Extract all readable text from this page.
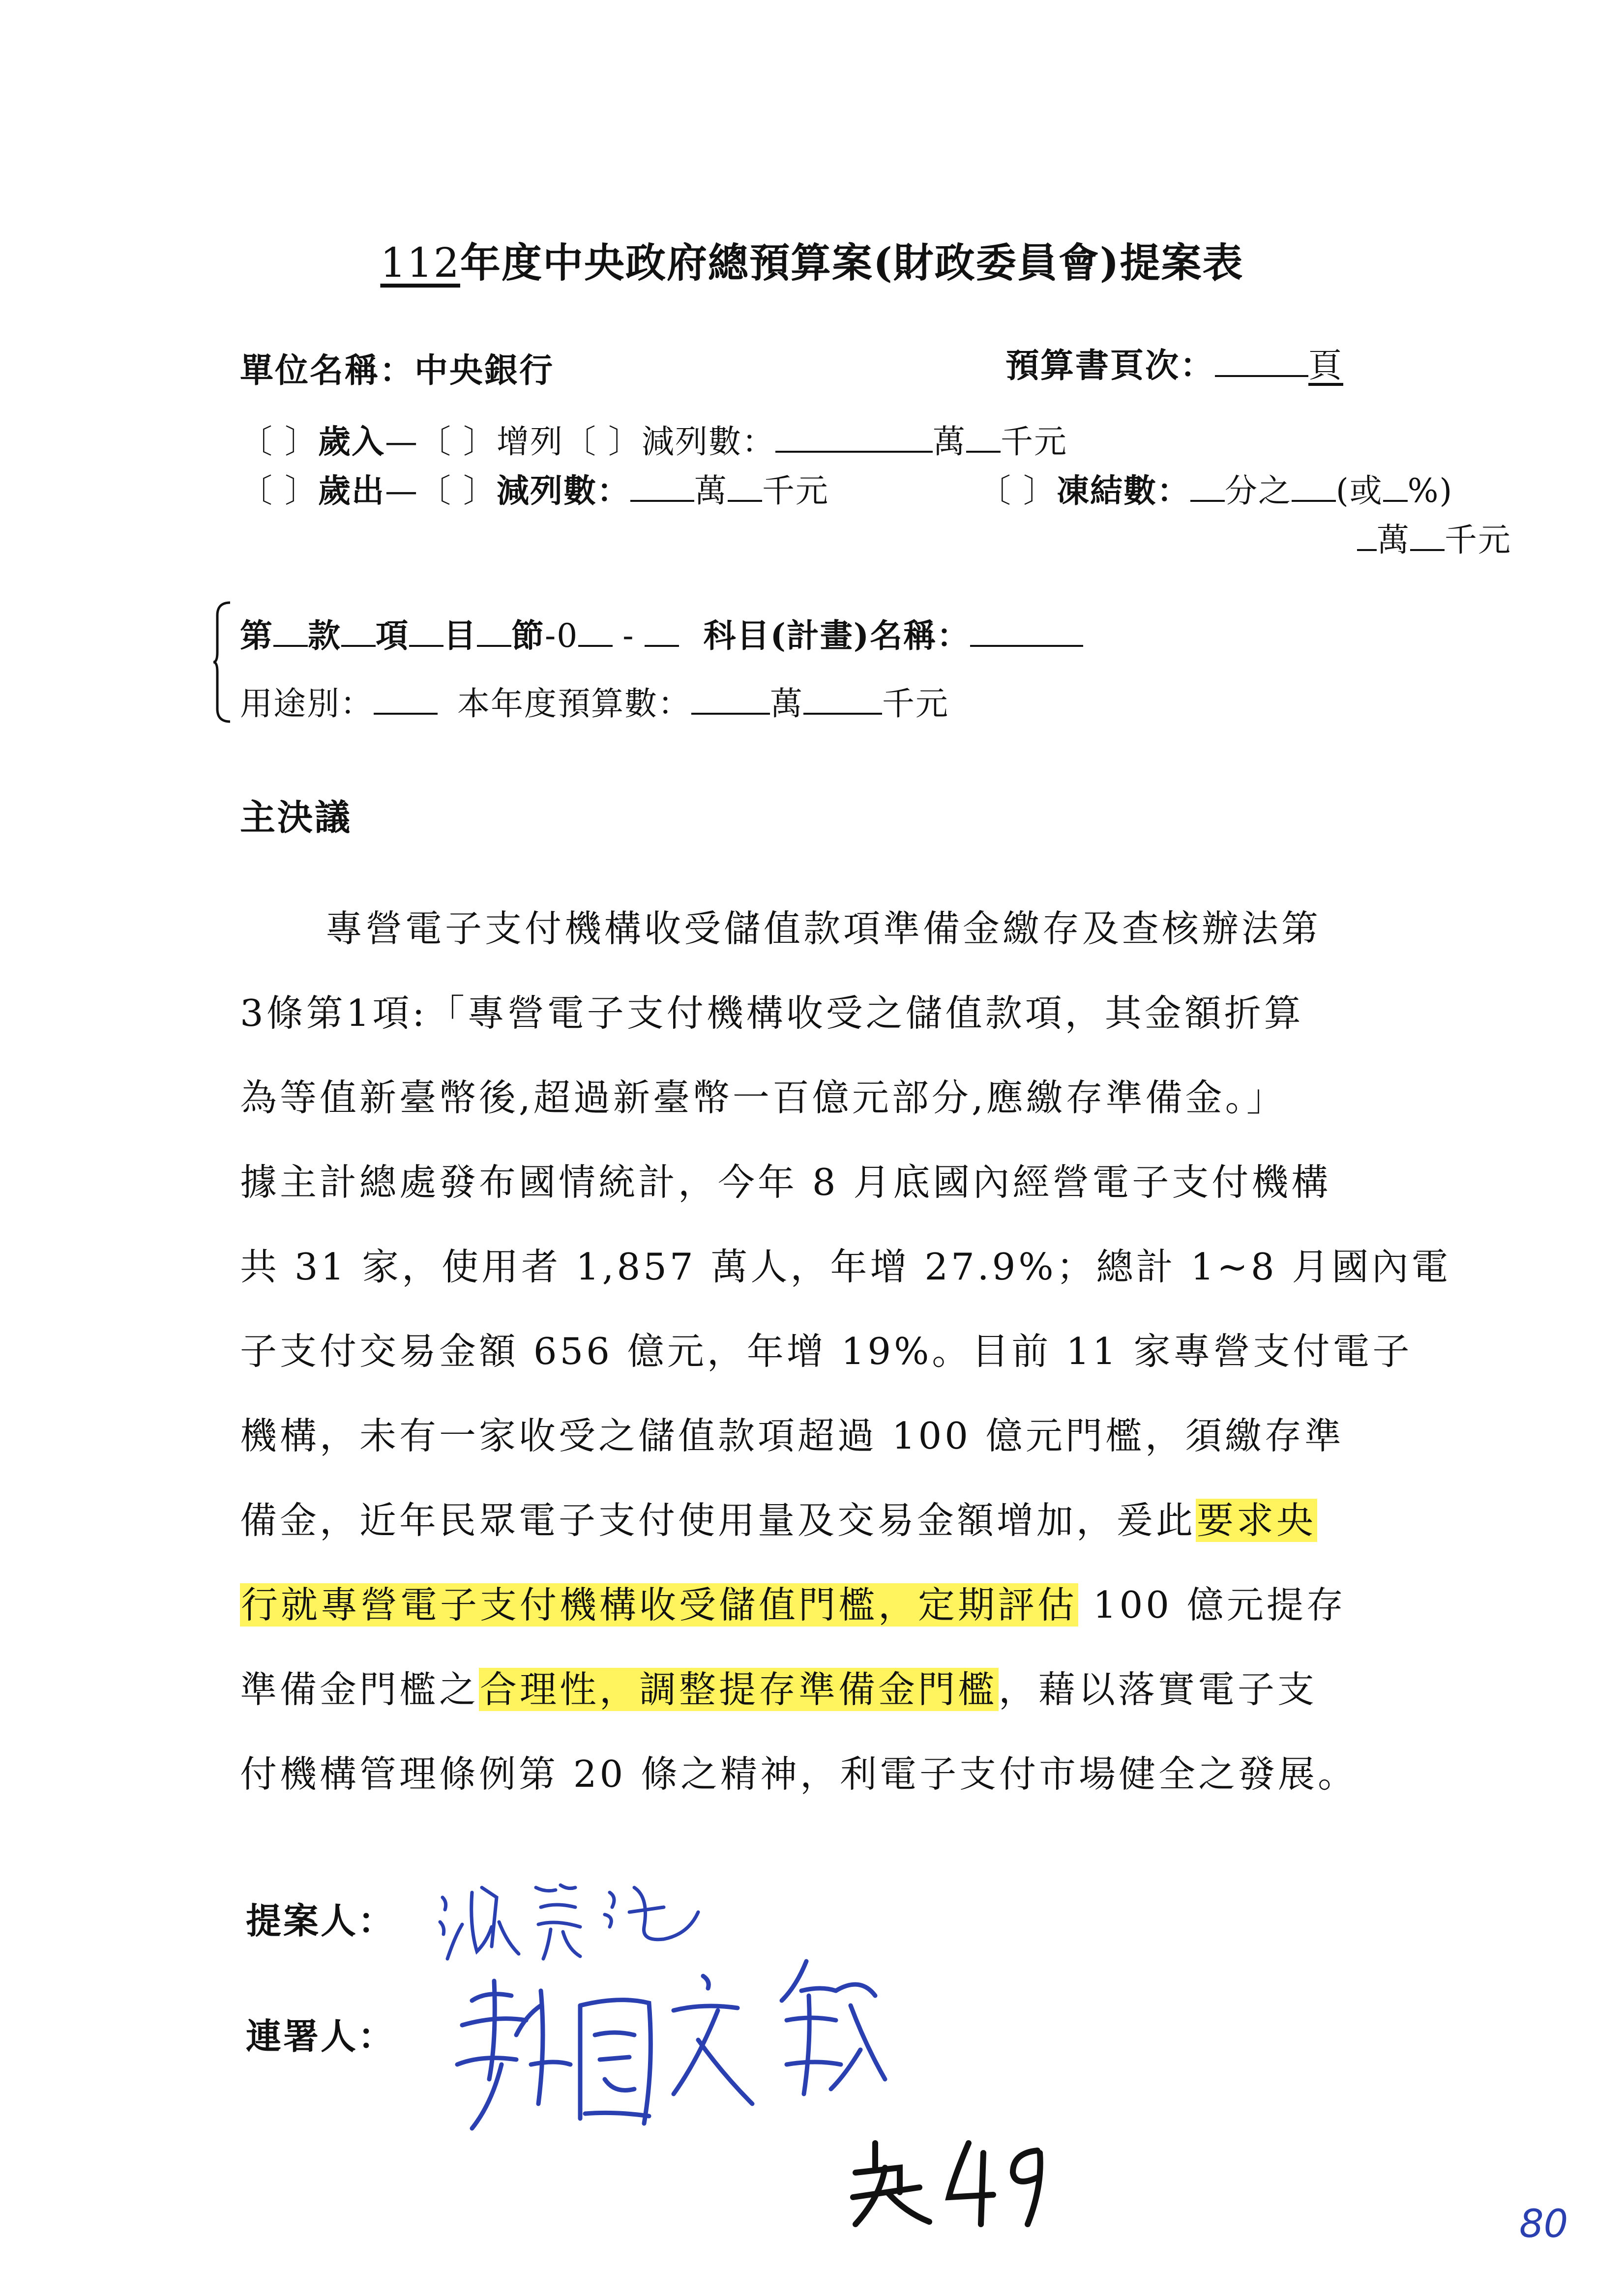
112年度中央政府總預算案(財政委員會)提案表
單位名稱：中央銀行	預算書頁次：	頁
〔 〕歲入—〔 〕增列〔 〕減列數：	萬 千元
〔 〕歲出—〔 〕減列數： 萬 千元	〔 〕凍結數： 分之 (或 %)
萬 千元
第 款 項 目 節-0 - 科目(計畫)名稱：
用途別：	本年度預算數： 萬 千元
主決議
專營電子支付機構收受儲值款項準備金繳存及查核辦法第
3條第1項:「專營電子支付機構收受之儲值款項，其金額折算
為等值新臺幣後,超過新臺幣一百億元部分,應繳存準備金。」
據主計總處發布國情統計，今年 8 月底國內經營電子支付機構
共 31 家，使用者 1,857 萬人，年增 27.9%；總計 1~8 月國內電
子支付交易金額 656 億元，年增 19%。目前 11 家專營支付電子
機構，未有一家收受之儲值款項超過 100 億元門檻，須繳存準
備金，近年民眾電子支付使用量及交易金額增加，爰此要求央
行就專營電子支付機構收受儲值門檻，定期評估 100 億元提存
準備金門檻之合理性，調整提存準備金門檻，藉以落實電子支
付機構管理條例第 20 條之精神，利電子支付市場健全之發展。
提案人：
連署人：
80
